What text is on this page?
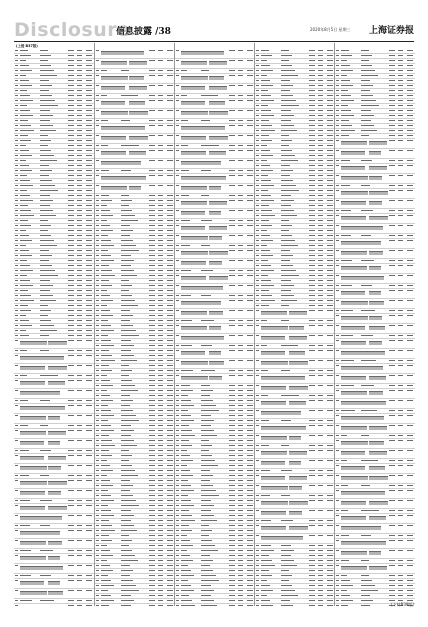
Disclosure
信息披露 /38	2020年8月5日 星期三 上海证券报
(上接 B37版)
(下转B39版)
